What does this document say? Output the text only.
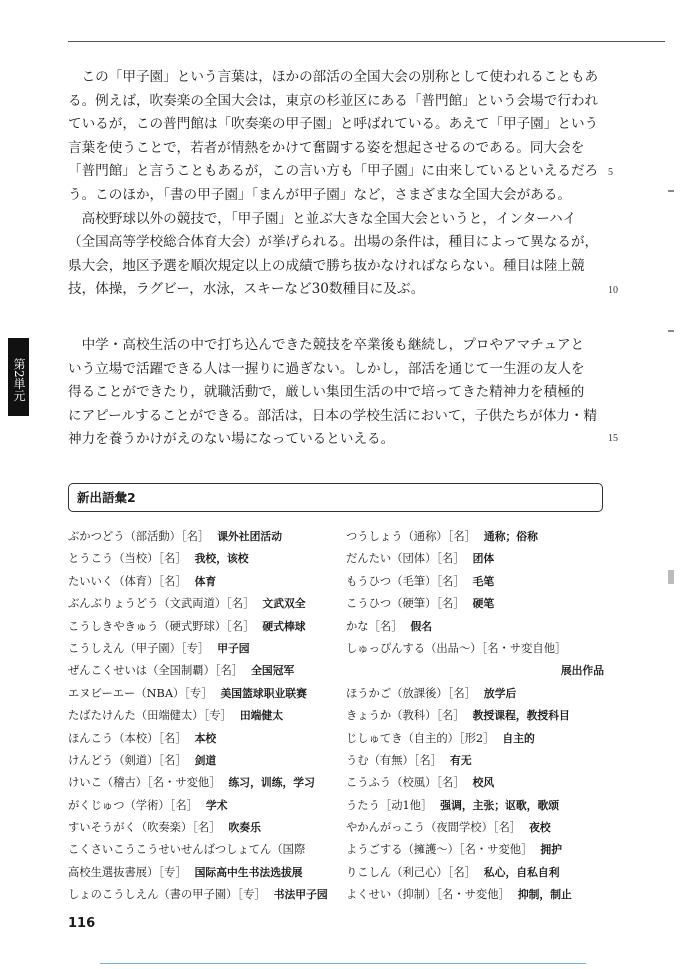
　この「甲子園」という言葉は，ほかの部活の全国大会の別称として使われることもあ
る。例えば，吹奏楽の全国大会は，東京の杉並区にある「普門館」という会場で行われ
ているが，この普門館は「吹奏楽の甲子園」と呼ばれている。あえて「甲子園」という
言葉を使うことで，若者が情熱をかけて奮闘する姿を想起させるのである。同大会を
「普門館」と言うこともあるが，この言い方も「甲子園」に由来しているといえるだろ
う。このほか，「書の甲子園」「まんが甲子園」など，さまざまな全国大会がある。
　高校野球以外の競技で，「甲子園」と並ぶ大きな全国大会というと，インターハイ
（全国高等学校総合体育大会）が挙げられる。出場の条件は，種目によって異なるが，
県大会，地区予選を順次規定以上の成績で勝ち抜かなければならない。種目は陸上競
技，体操，ラグビー，水泳，スキーなど30数種目に及ぶ。
　中学・高校生活の中で打ち込んできた競技を卒業後も継続し，プロやアマチュアと
いう立場で活躍できる人は一握りに過ぎない。しかし，部活を通じて一生涯の友人を
得ることができたり，就職活動で，厳しい集団生活の中で培ってきた精神力を積極的
にアピールすることができる。部活は，日本の学校生活において，子供たちが体力・精
神力を養うかけがえのない場になっているといえる。
5
10
15
第2単元
新出語彙2
ぶかつどう（部活動）［名］ 课外社团活动
とうこう（当校）［名］ 我校，该校
たいいく（体育）［名］ 体育
ぶんぶりょうどう（文武両道）［名］ 文武双全
こうしきやきゅう（硬式野球）［名］ 硬式棒球
こうしえん（甲子園）［专］ 甲子园
ぜんこくせいは（全国制覇）［名］ 全国冠军
エヌビーエー（NBA）［专］ 美国篮球职业联赛
たばたけんた（田端健太）［专］ 田端健太
ほんこう（本校）［名］ 本校
けんどう（剣道）［名］ 剑道
けいこ（稽古）［名・サ変他］ 练习，训练，学习
がくじゅつ（学術）［名］ 学术
すいそうがく（吹奏楽）［名］ 吹奏乐
こくさいこうこうせいせんばつしょてん（国際
高校生選抜書展）［专］ 国际高中生书法选拔展
しょのこうしえん（書の甲子園）［专］ 书法甲子园
つうしょう（通称）［名］ 通称；俗称
だんたい（団体）［名］ 团体
もうひつ（毛筆）［名］ 毛笔
こうひつ（硬筆）［名］ 硬笔
かな［名］ 假名
しゅっぴんする（出品～）［名・サ変自他］
展出作品
ほうかご（放課後）［名］ 放学后
きょうか（教科）［名］ 教授课程，教授科目
じしゅてき（自主的）［形2］ 自主的
うむ（有無）［名］ 有无
こうふう（校風）［名］ 校风
うたう［动1他］ 强调，主张；讴歌，歌颂
やかんがっこう（夜間学校）［名］ 夜校
ようごする（擁護～）［名・サ変他］ 拥护
りこしん（利己心）［名］ 私心，自私自利
よくせい（抑制）［名・サ変他］ 抑制，制止
116
